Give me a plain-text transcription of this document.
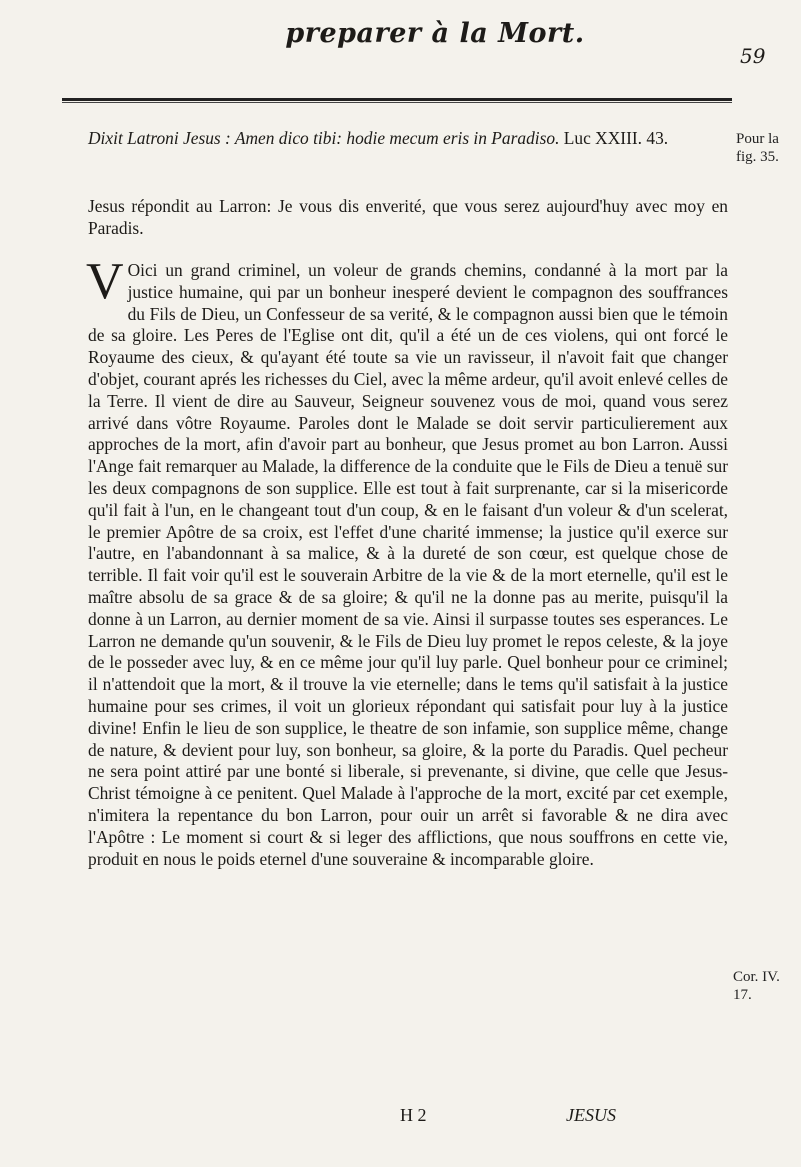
preparer à la Mort.
59
Pour la fig. 35.
Dixit Latroni Jesus : Amen dico tibi: hodie mecum eris in Paradiso. Luc XXIII. 43.
Jesus répondit au Larron: Je vous dis enverité, que vous serez aujourd'huy avec moy en Paradis.
V Oici un grand criminel, un voleur de grands chemins, condanné à la mort par la justice humaine, qui par un bonheur inesperé devient le compagnon des souffrances du Fils de Dieu, un Confesseur de sa verité, & le compagnon aussi bien que le témoin de sa gloire. Les Peres de l'Eglise ont dit, qu'il a été un de ces violens, qui ont forcé le Royaume des cieux, & qu'ayant été toute sa vie un ravisseur, il n'avoit fait que changer d'objet, courant aprés les richesses du Ciel, avec la même ardeur, qu'il avoit enlevé celles de la Terre. Il vient de dire au Sauveur, Seigneur souvenez vous de moi, quand vous serez arrivé dans vôtre Royaume. Paroles dont le Malade se doit servir particulierement aux approches de la mort, afin d'avoir part au bonheur, que Jesus promet au bon Larron. Aussi l'Ange fait remarquer au Malade, la difference de la conduite que le Fils de Dieu a tenuë sur les deux compagnons de son supplice. Elle est tout à fait surprenante, car si la misericorde qu'il fait à l'un, en le changeant tout d'un coup, & en le faisant d'un voleur & d'un scelerat, le premier Apôtre de sa croix, est l'effet d'une charité immense; la justice qu'il exerce sur l'autre, en l'abandonnant à sa malice, & à la dureté de son cœur, est quelque chose de terrible. Il fait voir qu'il est le souverain Arbitre de la vie & de la mort eternelle, qu'il est le maître absolu de sa grace & de sa gloire; & qu'il ne la donne pas au merite, puisqu'il la donne à un Larron, au dernier moment de sa vie. Ainsi il surpasse toutes ses esperances. Le Larron ne demande qu'un souvenir, & le Fils de Dieu luy promet le repos celeste, & la joye de le posseder avec luy, & en ce même jour qu'il luy parle. Quel bonheur pour ce criminel; il n'attendoit que la mort, & il trouve la vie eternelle; dans le tems qu'il satisfait à la justice humaine pour ses crimes, il voit un glorieux répondant qui satisfait pour luy à la justice divine! Enfin le lieu de son supplice, le theatre de son infamie, son supplice même, change de nature, & devient pour luy, son bonheur, sa gloire, & la porte du Paradis. Quel pecheur ne sera point attiré par une bonté si liberale, si prevenante, si divine, que celle que Jesus-Christ témoigne à ce penitent. Quel Malade à l'approche de la mort, excité par cet exemple, n'imitera la repentance du bon Larron, pour ouir un arrêt si favorable & ne dira avec l'Apôtre : Le moment si court & si leger des afflictions, que nous souffrons en cette vie, produit en nous le poids eternel d'une souveraine & incomparable gloire.
Cor. IV. 17.
H 2	JESUS
